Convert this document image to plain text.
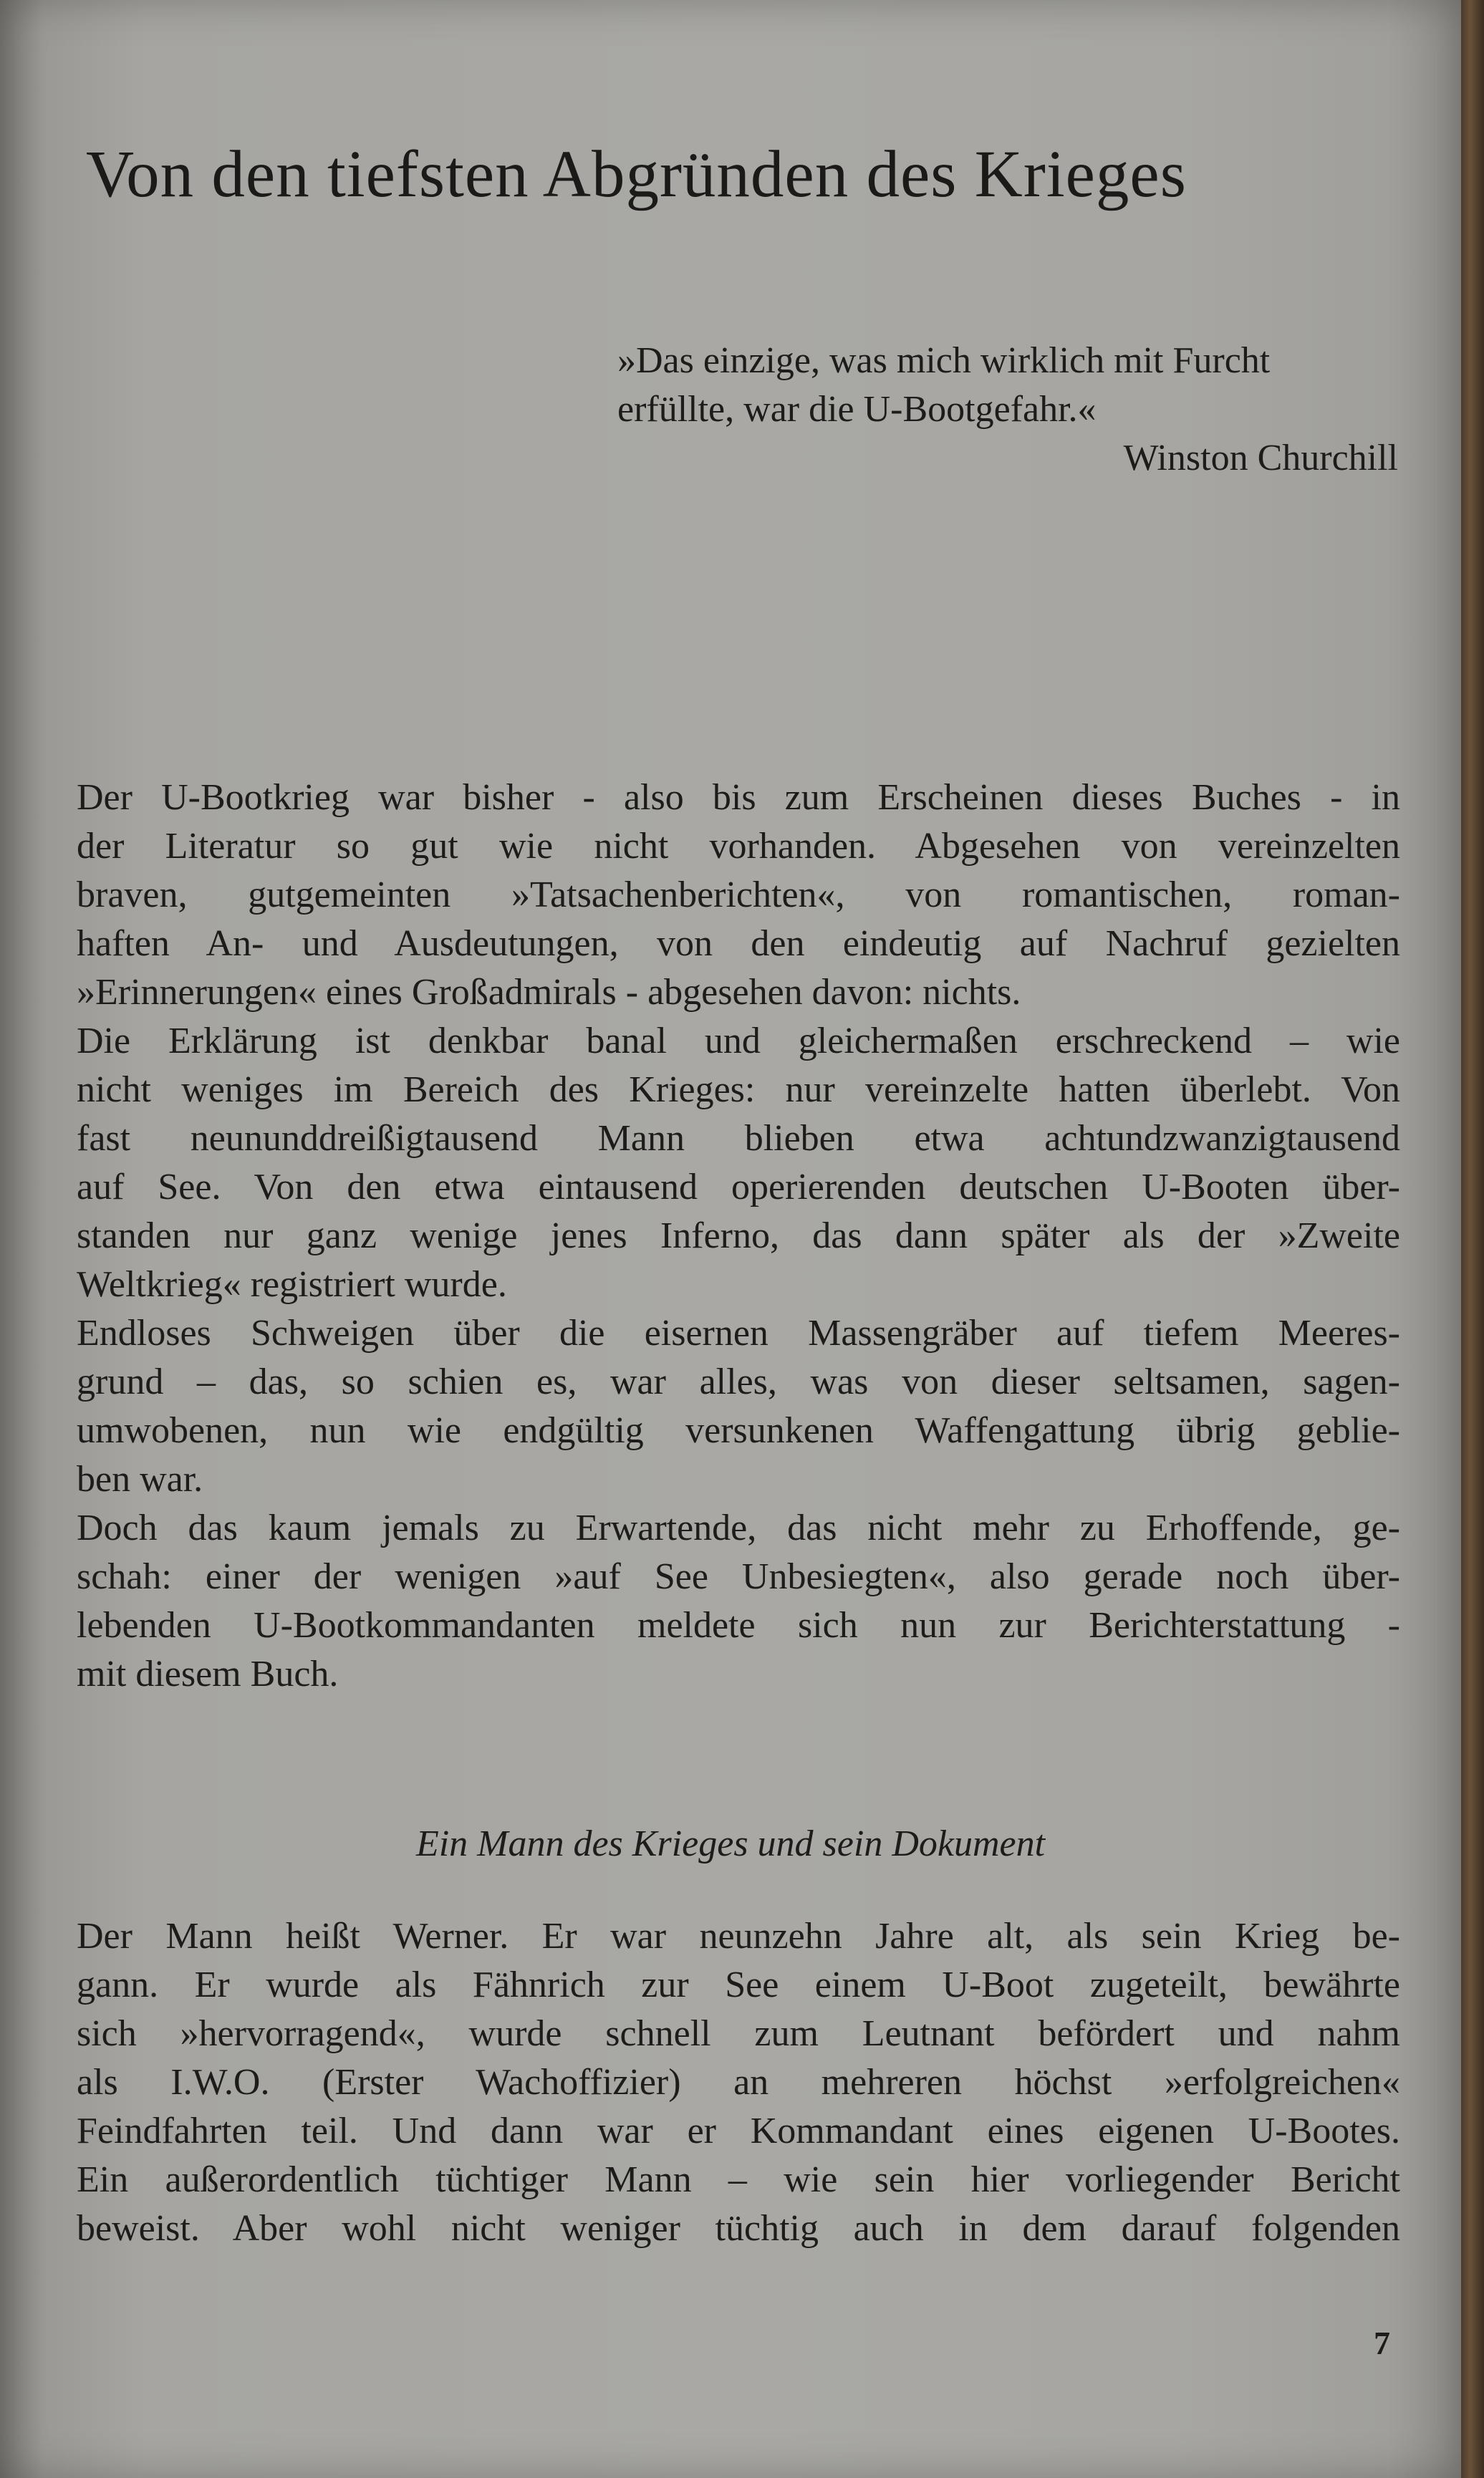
Von den tiefsten Abgründen des Krieges
»Das einzige, was mich wirklich mit Furcht
erfüllte, war die U-Bootgefahr.«
Winston Churchill
Der U-Bootkrieg war bisher - also bis zum Erscheinen dieses Buches - in
der Literatur so gut wie nicht vorhanden. Abgesehen von vereinzelten
braven, gutgemeinten »Tatsachenberichten«, von romantischen, roman-
haften An- und Ausdeutungen, von den eindeutig auf Nachruf gezielten
»Erinnerungen« eines Großadmirals - abgesehen davon: nichts.
Die Erklärung ist denkbar banal und gleichermaßen erschreckend – wie
nicht weniges im Bereich des Krieges: nur vereinzelte hatten überlebt. Von
fast neununddreißigtausend Mann blieben etwa achtundzwanzigtausend
auf See. Von den etwa eintausend operierenden deutschen U-Booten über-
standen nur ganz wenige jenes Inferno, das dann später als der »Zweite
Weltkrieg« registriert wurde.
Endloses Schweigen über die eisernen Massengräber auf tiefem Meeres-
grund – das, so schien es, war alles, was von dieser seltsamen, sagen-
umwobenen, nun wie endgültig versunkenen Waffengattung übrig geblie-
ben war.
Doch das kaum jemals zu Erwartende, das nicht mehr zu Erhoffende, ge-
schah: einer der wenigen »auf See Unbesiegten«, also gerade noch über-
lebenden U-Bootkommandanten meldete sich nun zur Berichterstattung -
mit diesem Buch.
Ein Mann des Krieges und sein Dokument
Der Mann heißt Werner. Er war neunzehn Jahre alt, als sein Krieg be-
gann. Er wurde als Fähnrich zur See einem U-Boot zugeteilt, bewährte
sich »hervorragend«, wurde schnell zum Leutnant befördert und nahm
als I.W.O. (Erster Wachoffizier) an mehreren höchst »erfolgreichen«
Feindfahrten teil. Und dann war er Kommandant eines eigenen U-Bootes.
Ein außerordentlich tüchtiger Mann – wie sein hier vorliegender Bericht
beweist. Aber wohl nicht weniger tüchtig auch in dem darauf folgenden
7
